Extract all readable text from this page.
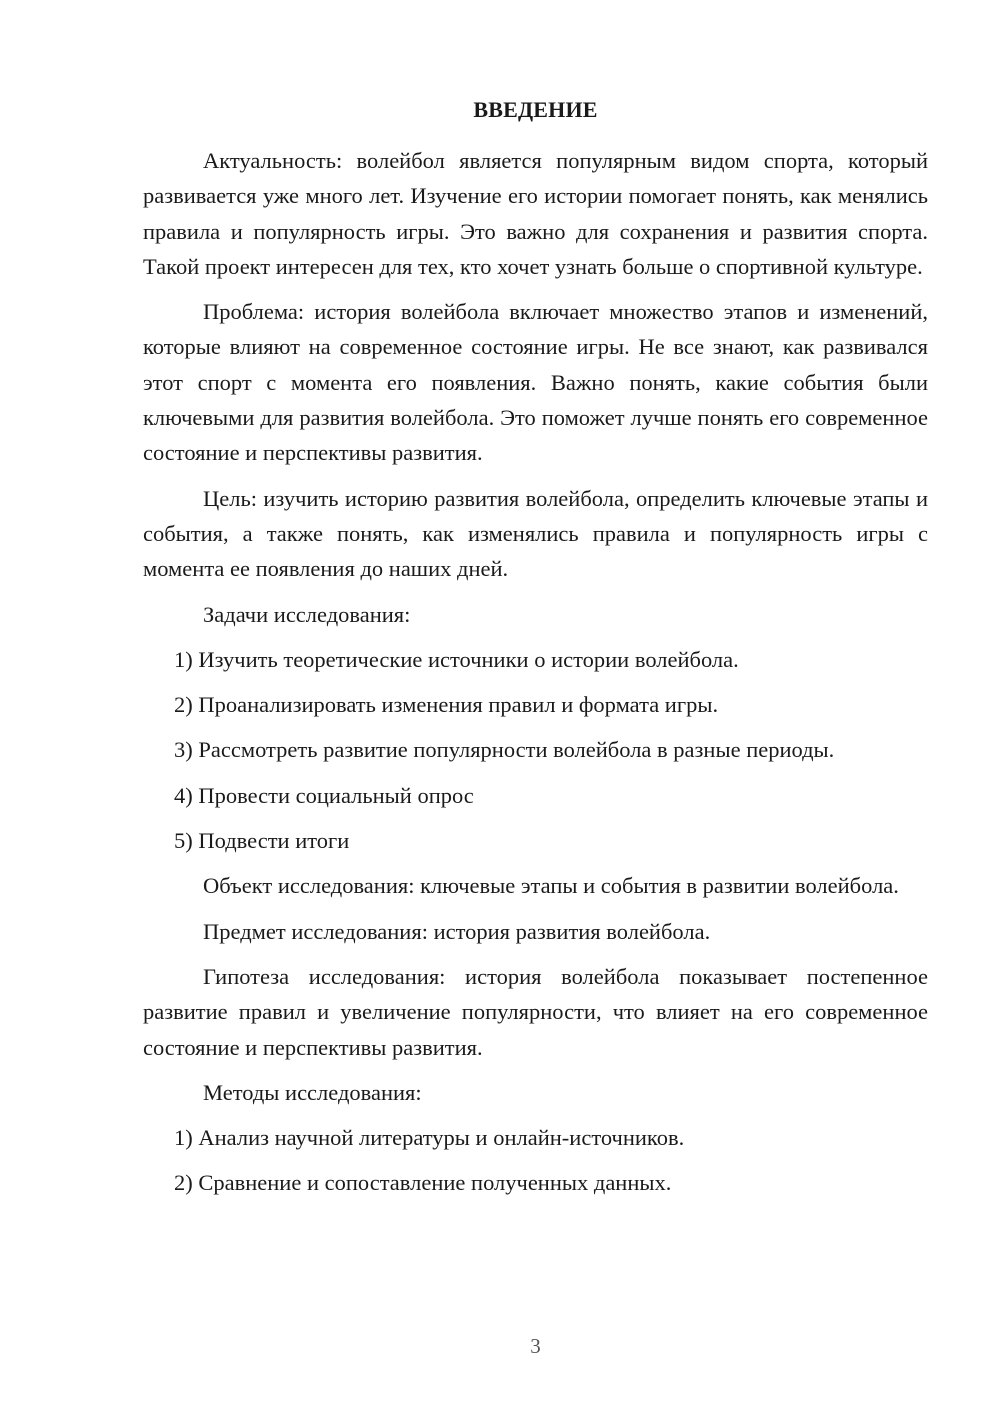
ВВЕДЕНИЕ

Актуальность: волейбол является популярным видом спорта, который развивается уже много лет. Изучение его истории помогает понять, как менялись правила и популярность игры. Это важно для сохранения и развития спорта. Такой проект интересен для тех, кто хочет узнать больше о спортивной культуре.

Проблема: история волейбола включает множество этапов и изменений, которые влияют на современное состояние игры. Не все знают, как развивался этот спорт с момента его появления. Важно понять, какие события были ключевыми для развития волейбола. Это поможет лучше понять его современное состояние и перспективы развития.

Цель: изучить историю развития волейбола, определить ключевые этапы и события, а также понять, как изменялись правила и популярность игры с момента ее появления до наших дней.

Задачи исследования:

1) Изучить теоретические источники о истории волейбола.

2) Проанализировать изменения правил и формата игры.

3) Рассмотреть развитие популярности волейбола в разные периоды.

4) Провести социальный опрос

5) Подвести итоги

Объект исследования: ключевые этапы и события в развитии волейбола.

Предмет исследования: история развития волейбола.

Гипотеза исследования: история волейбола показывает постепенное развитие правил и увеличение популярности, что влияет на его современное состояние и перспективы развития.

Методы исследования:

1) Анализ научной литературы и онлайн-источников.

2) Сравнение и сопоставление полученных данных.

3
